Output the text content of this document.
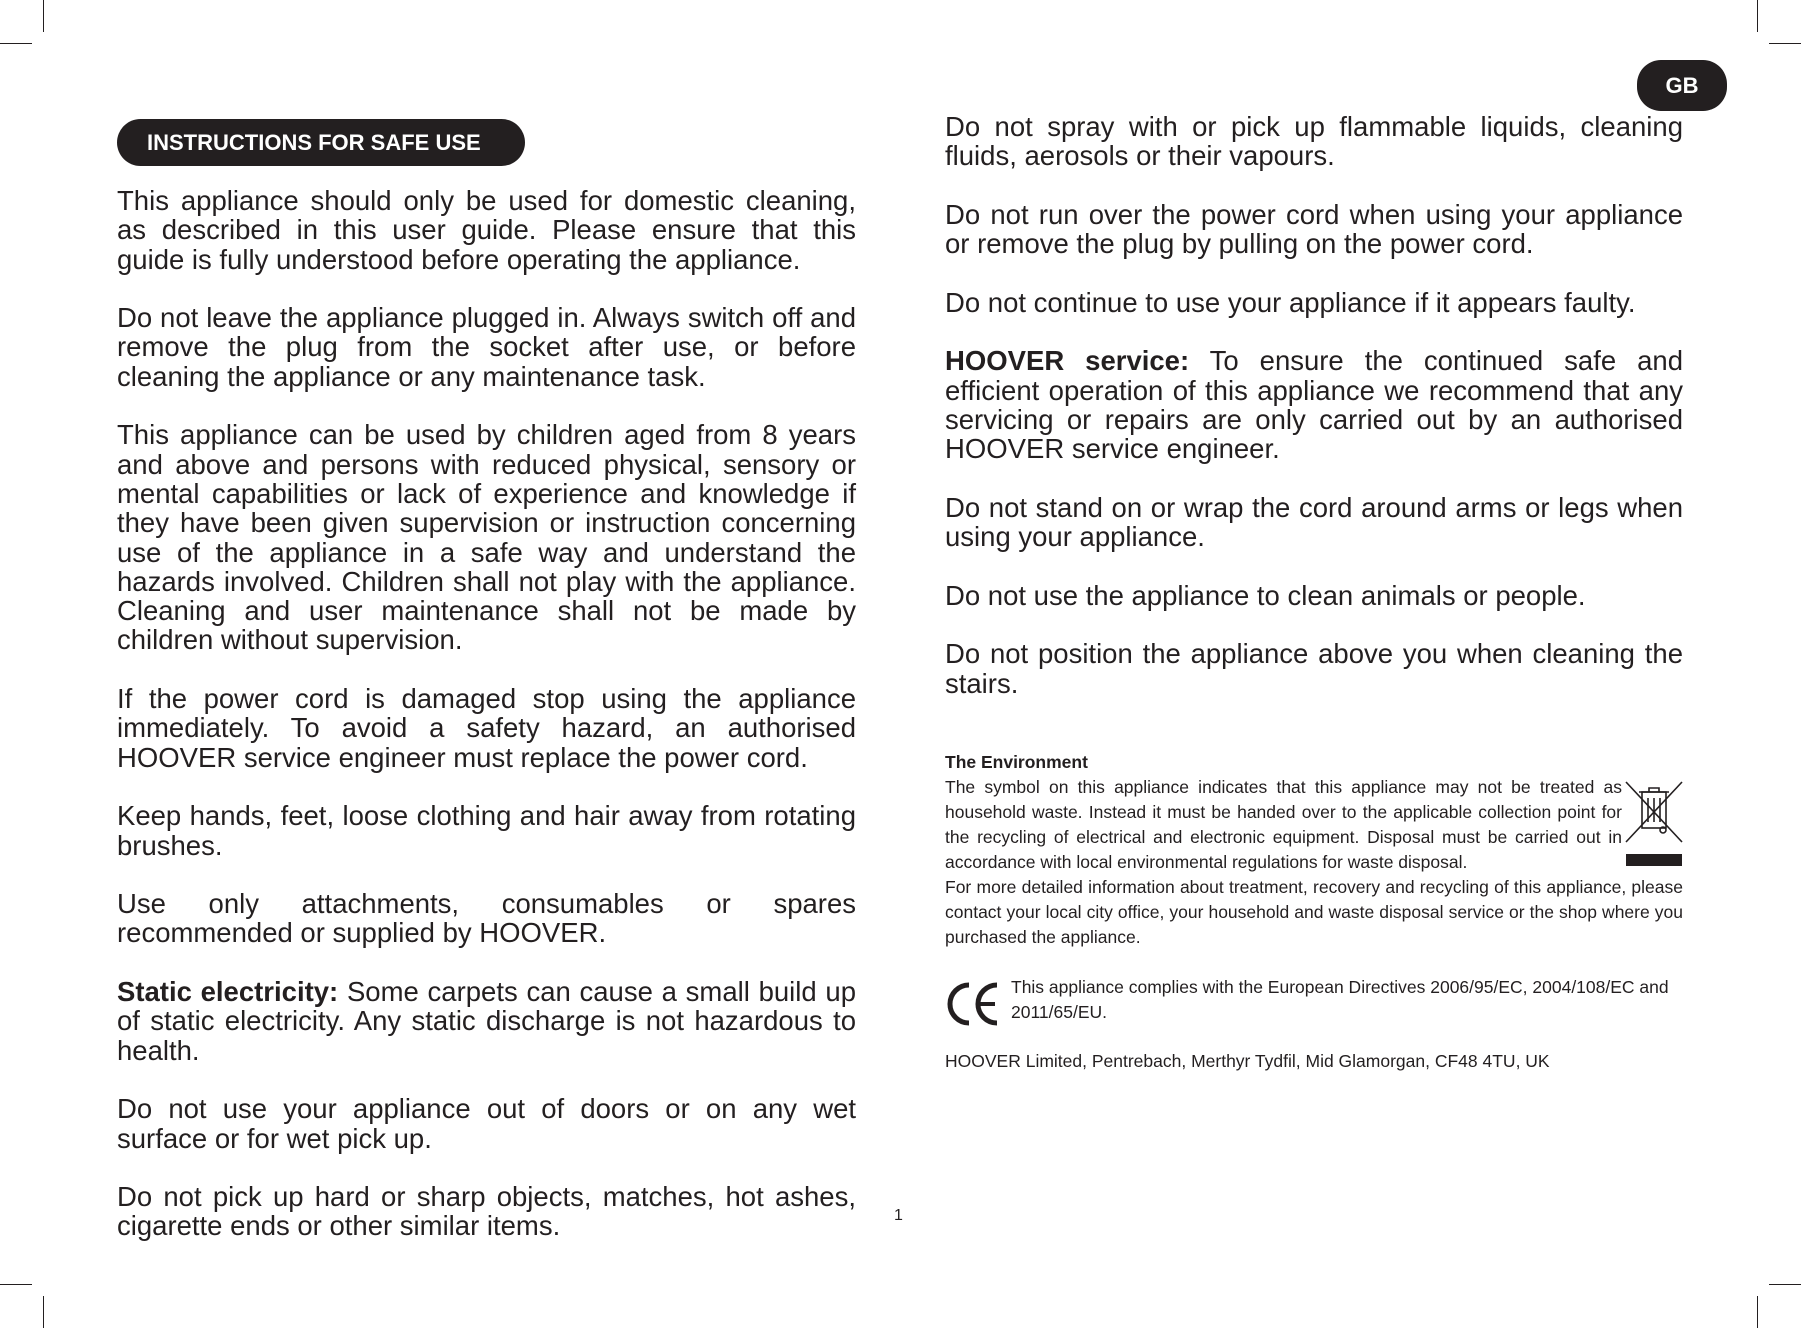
GB
INSTRUCTIONS FOR SAFE USE

This appliance should only be used for domestic cleaning, as described in this user guide. Please ensure that this guide is fully understood before operating the appliance.

Do not leave the appliance plugged in. Always switch off and remove the plug from the socket after use, or before cleaning the appliance or any maintenance task.

This appliance can be used by children aged from 8 years and above and persons with reduced physical, sensory or mental capabilities or lack of experience and knowledge if they have been given supervision or instruction concerning use of the appliance in a safe way and understand the hazards involved. Children shall not play with the appliance. Cleaning and user maintenance shall not be made by children without supervision.

If the power cord is damaged stop using the appliance immediately. To avoid a safety hazard, an authorised HOOVER service engineer must replace the power cord.

Keep hands, feet, loose clothing and hair away from rotating brushes.

Use only attachments, consumables or spares recommended or supplied by HOOVER.

Static electricity: Some carpets can cause a small build up of static electricity. Any static discharge is not hazardous to health.

Do not use your appliance out of doors or on any wet surface or for wet pick up.

Do not pick up hard or sharp objects, matches, hot ashes, cigarette ends or other similar items.

Do not spray with or pick up flammable liquids, cleaning fluids, aerosols or their vapours.

Do not run over the power cord when using your appliance or remove the plug by pulling on the power cord.

Do not continue to use your appliance if it appears faulty.

HOOVER service: To ensure the continued safe and efficient operation of this appliance we recommend that any servicing or repairs are only carried out by an authorised HOOVER service engineer.

Do not stand on or wrap the cord around arms or legs when using your appliance.

Do not use the appliance to clean animals or people.

Do not position the appliance above you when cleaning the stairs.

The Environment

The symbol on this appliance indicates that this appliance may not be treated as household waste. Instead it must be handed over to the applicable collection point for the recycling of electrical and electronic equipment. Disposal must be carried out in accordance with local environmental regulations for waste disposal.

For more detailed information about treatment, recovery and recycling of this appliance, please contact your local city office, your household and waste disposal service or the shop where you purchased the appliance.

This appliance complies with the European Directives 2006/95/EC, 2004/108/EC and 2011/65/EU.
HOOVER Limited, Pentrebach, Merthyr Tydfil, Mid Glamorgan, CF48 4TU, UK
1
